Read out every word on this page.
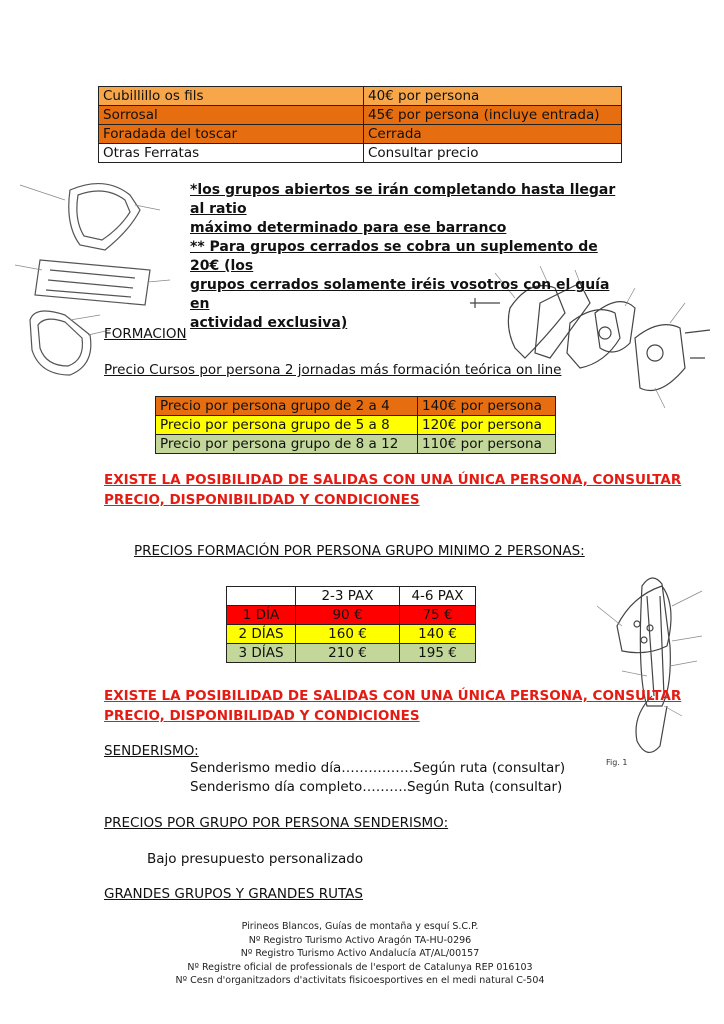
Cubillillo os fils	40€ por persona
Sorrosal	45€ por persona (incluye entrada)
Foradada del toscar	Cerrada
Otras Ferratas	Consultar precio
*los grupos abiertos se irán completando hasta llegar al ratio
máximo determinado para ese barranco
** Para grupos cerrados se cobra un suplemento de 20€ (los
grupos cerrados solamente iréis vosotros con el guía en
actividad exclusiva)
FORMACION
Precio Cursos por persona 2 jornadas más formación teórica on line
Precio por persona grupo de 2 a 4	140€ por persona
Precio por persona grupo de 5 a 8	120€ por persona
Precio por persona grupo de 8 a 12	110€ por persona
EXISTE LA POSIBILIDAD DE SALIDAS CON UNA ÚNICA PERSONA, CONSULTAR
PRECIO, DISPONIBILIDAD Y CONDICIONES
PRECIOS FORMACIÓN POR PERSONA GRUPO MINIMO 2 PERSONAS:
	2-3 PAX	4-6 PAX
1 DÍA	90 €	75 €
2 DÍAS	160 €	140 €
3 DÍAS	210 €	195 €
Fig. 1
EXISTE LA POSIBILIDAD DE SALIDAS CON UNA ÚNICA PERSONA, CONSULTAR
PRECIO, DISPONIBILIDAD Y CONDICIONES
SENDERISMO:
Senderismo medio día…………….Según ruta (consultar)
Senderismo día completo……….Según Ruta (consultar)
PRECIOS POR GRUPO POR PERSONA SENDERISMO:
Bajo presupuesto personalizado
GRANDES GRUPOS Y GRANDES RUTAS
Pirineos Blancos, Guías de montaña y esquí S.C.P.
Nº Registro Turismo Activo Aragón TA-HU-0296
Nº Registro Turismo Activo Andalucía AT/AL/00157
Nº Registre oficial de professionals de l'esport de Catalunya REP 016103
Nº Cesn d'organitzadors d'activitats fisicoesportives en el medi natural C-504
